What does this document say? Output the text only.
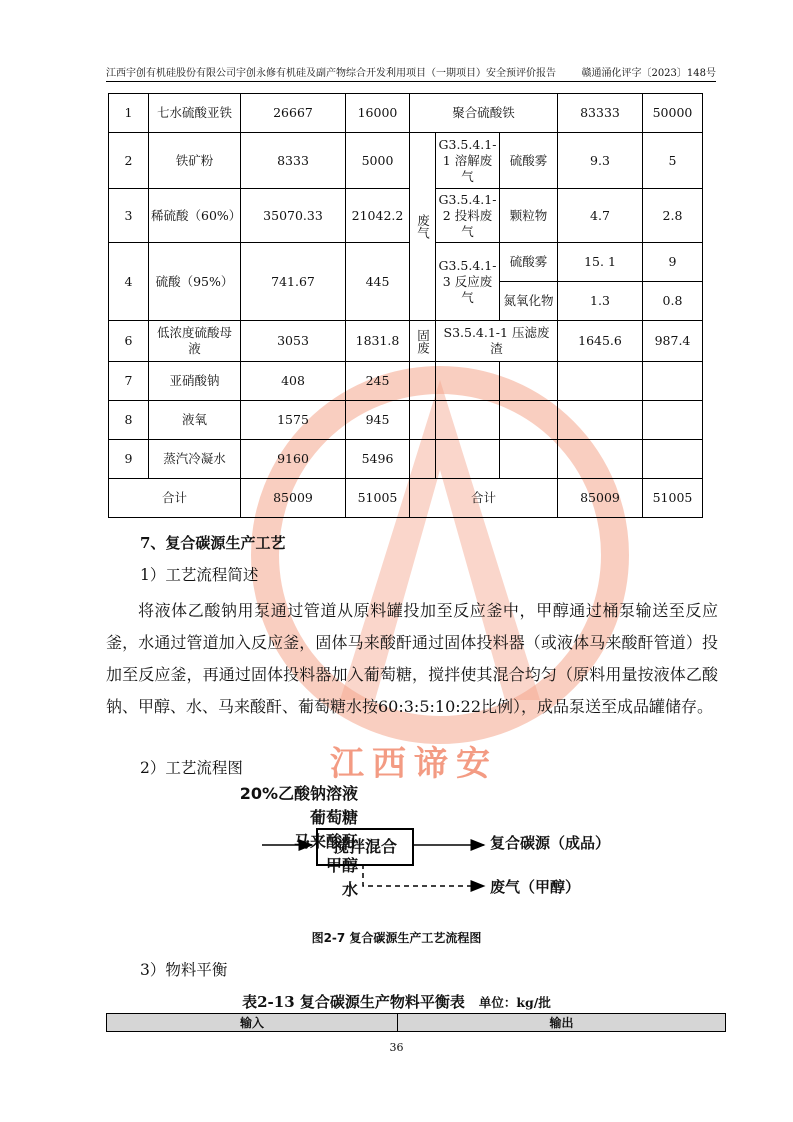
江西谛安
江西宇创有机硅股份有限公司宇创永修有机硅及副产物综合开发利用项目（一期项目）安全预评价报告	赣通涌化评字〔2023〕148号
1	七水硫酸亚铁	26667	16000	聚合硫酸铁			83333	50000
2	铁矿粉	8333	5000	废气	G3.5.4.1-1 溶解废气	硫酸雾	9.3	5
3	稀硫酸（60%）	35070.33	21042.2		G3.5.4.1-2 投料废气	颗粒物	4.7	2.8
4	硫酸（95%）	741.67	445		G3.5.4.1-3 反应废气	硫酸雾	15. 1	9
						氮氧化物	1.3	0.8
6	低浓度硫酸母液	3053	1831.8	固废	S3.5.4.1-1 压滤废渣		1645.6	987.4
7	亚硝酸钠	408	245					
8	液氧	1575	945					
9	蒸汽冷凝水	9160	5496					
合计		85009	51005	合计			85009	51005
7、复合碳源生产工艺
1）工艺流程简述
将液体乙酸钠用泵通过管道从原料罐投加至反应釜中，甲醇通过桶泵输送至反应釜，水通过管道加入反应釜，固体马来酸酐通过固体投料器（或液体马来酸酐管道）投加至反应釜，再通过固体投料器加入葡萄糖，搅拌使其混合均匀（原料用量按液体乙酸钠、甲醇、水、马来酸酐、葡萄糖水按60:3:5:10:22比例），成品泵送至成品罐储存。
2）工艺流程图
20%乙酸钠溶液
葡萄糖
马来酸酐
甲醇
水
搅拌混合	复合碳源（成品）
废气（甲醇）
图2-7 复合碳源生产工艺流程图
3）物料平衡
表2-13 复合碳源生产物料平衡表 单位：kg/批
输入	输出
36
